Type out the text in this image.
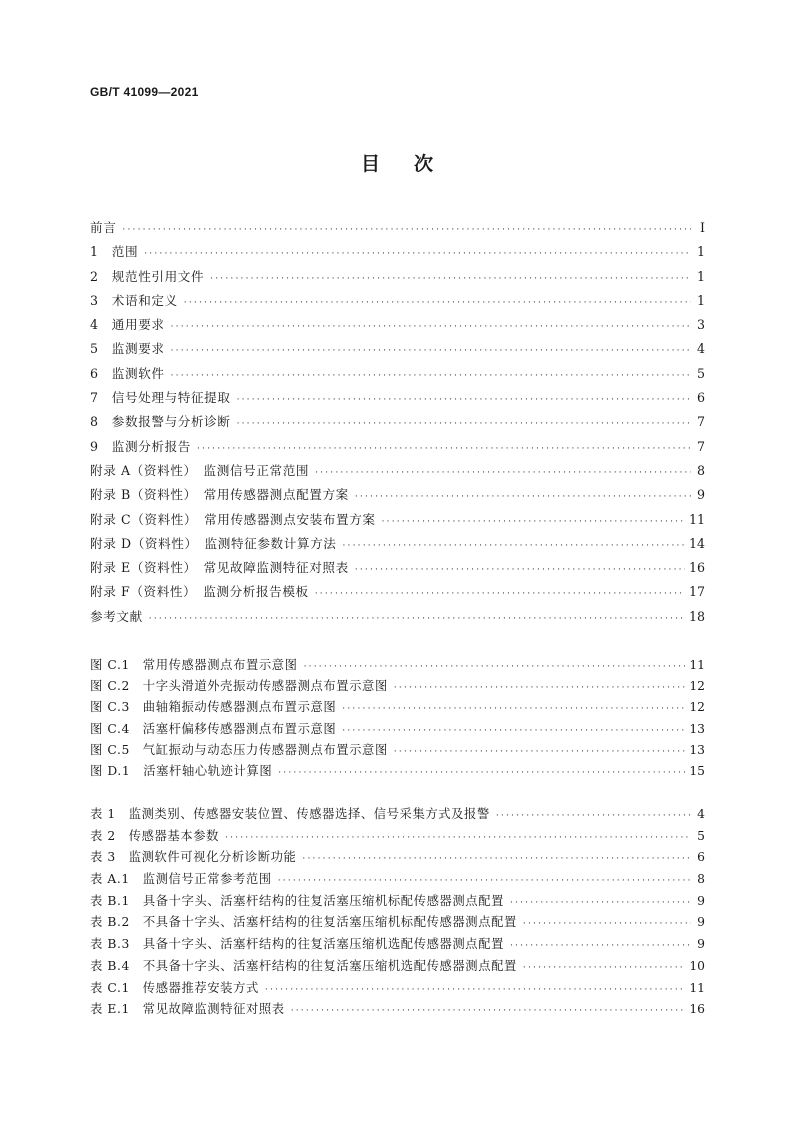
GB/T 41099—2021
目次
前言 ·····	Ⅰ
1　范围 ·····	1
2　规范性引用文件 ·····	1
3　术语和定义 ·····	1
4　通用要求 ·····	3
5　监测要求 ·····	4
6　监测软件 ·····	5
7　信号处理与特征提取 ·····	6
8　参数报警与分析诊断 ·····	7
9　监测分析报告 ·····	7
附录 A（资料性）　监测信号正常范围 ·····	8
附录 B（资料性）　常用传感器测点配置方案 ·····	9
附录 C（资料性）　常用传感器测点安装布置方案 ·····	11
附录 D（资料性）　监测特征参数计算方法 ·····	14
附录 E（资料性）　常见故障监测特征对照表 ·····	16
附录 F（资料性）　监测分析报告模板 ·····	17
参考文献 ·····	18
图 C.1　常用传感器测点布置示意图 ·····	11
图 C.2　十字头滑道外壳振动传感器测点布置示意图 ·····	12
图 C.3　曲轴箱振动传感器测点布置示意图 ·····	12
图 C.4　活塞杆偏移传感器测点布置示意图 ·····	13
图 C.5　气缸振动与动态压力传感器测点布置示意图 ·····	13
图 D.1　活塞杆轴心轨迹计算图 ·····	15
表 1　监测类别、传感器安装位置、传感器选择、信号采集方式及报警 ·····	4
表 2　传感器基本参数 ·····	5
表 3　监测软件可视化分析诊断功能 ·····	6
表 A.1　监测信号正常参考范围 ·····	8
表 B.1　具备十字头、活塞杆结构的往复活塞压缩机标配传感器测点配置 ·····	9
表 B.2　不具备十字头、活塞杆结构的往复活塞压缩机标配传感器测点配置 ·····	9
表 B.3　具备十字头、活塞杆结构的往复活塞压缩机选配传感器测点配置 ·····	9
表 B.4　不具备十字头、活塞杆结构的往复活塞压缩机选配传感器测点配置 ·····	10
表 C.1　传感器推荐安装方式 ·····	11
表 E.1　常见故障监测特征对照表 ·····	16
